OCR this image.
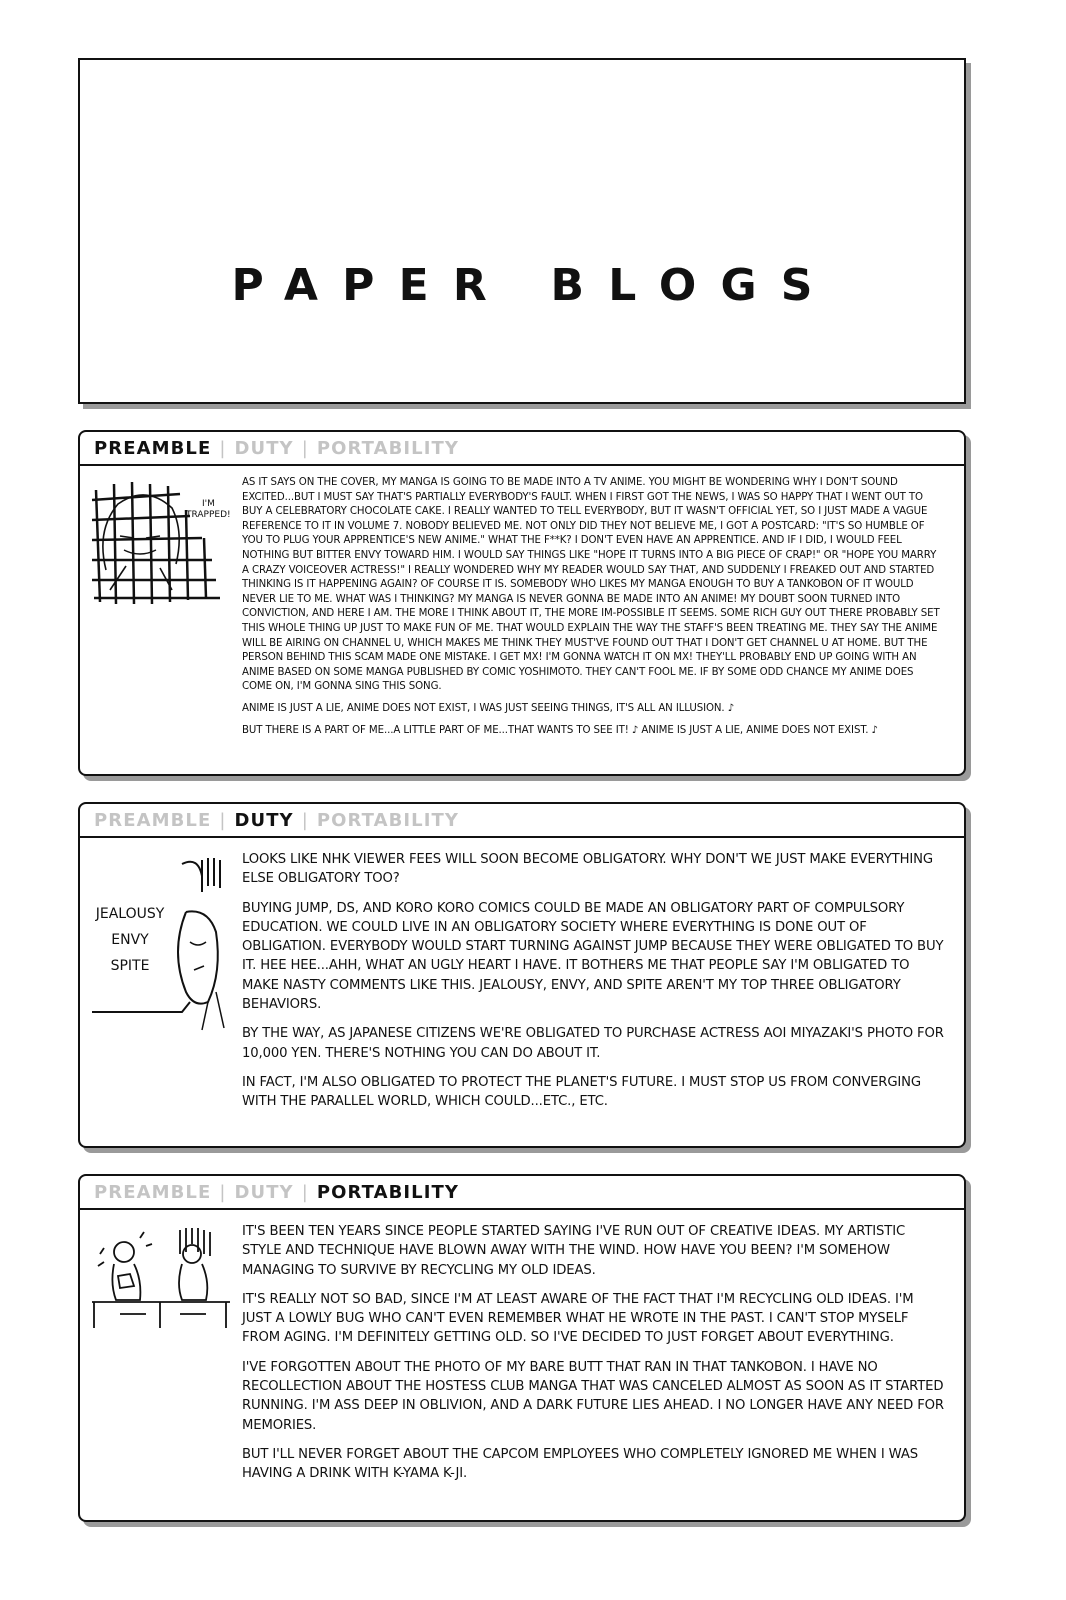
PAPER BLOGS
PREAMBLE | DUTY | PORTABILITY
I'M
TRAPPED!

AS IT SAYS ON THE COVER, MY MANGA IS GOING TO BE MADE INTO A TV ANIME. YOU MIGHT BE WONDERING WHY I DON'T SOUND EXCITED...BUT I MUST SAY THAT'S PARTIALLY EVERYBODY'S FAULT. WHEN I FIRST GOT THE NEWS, I WAS SO HAPPY THAT I WENT OUT TO BUY A CELEBRATORY CHOCOLATE CAKE. I REALLY WANTED TO TELL EVERYBODY, BUT IT WASN'T OFFICIAL YET, SO I JUST MADE A VAGUE REFERENCE TO IT IN VOLUME 7. NOBODY BELIEVED ME. NOT ONLY DID THEY NOT BELIEVE ME, I GOT A POSTCARD: "IT'S SO HUMBLE OF YOU TO PLUG YOUR APPRENTICE'S NEW ANIME." WHAT THE F**K? I DON'T EVEN HAVE AN APPRENTICE. AND IF I DID, I WOULD FEEL NOTHING BUT BITTER ENVY TOWARD HIM. I WOULD SAY THINGS LIKE "HOPE IT TURNS INTO A BIG PIECE OF CRAP!" OR "HOPE YOU MARRY A CRAZY VOICEOVER ACTRESS!" I REALLY WONDERED WHY MY READER WOULD SAY THAT, AND SUDDENLY I FREAKED OUT AND STARTED THINKING IS IT HAPPENING AGAIN? OF COURSE IT IS. SOMEBODY WHO LIKES MY MANGA ENOUGH TO BUY A TANKOBON OF IT WOULD NEVER LIE TO ME. WHAT WAS I THINKING? MY MANGA IS NEVER GONNA BE MADE INTO AN ANIME! MY DOUBT SOON TURNED INTO CONVICTION, AND HERE I AM. THE MORE I THINK ABOUT IT, THE MORE IM-POSSIBLE IT SEEMS. SOME RICH GUY OUT THERE PROBABLY SET THIS WHOLE THING UP JUST TO MAKE FUN OF ME. THAT WOULD EXPLAIN THE WAY THE STAFF'S BEEN TREATING ME. THEY SAY THE ANIME WILL BE AIRING ON CHANNEL U, WHICH MAKES ME THINK THEY MUST'VE FOUND OUT THAT I DON'T GET CHANNEL U AT HOME. BUT THE PERSON BEHIND THIS SCAM MADE ONE MISTAKE. I GET MX! I'M GONNA WATCH IT ON MX! THEY'LL PROBABLY END UP GOING WITH AN ANIME BASED ON SOME MANGA PUBLISHED BY COMIC YOSHIMOTO. THEY CAN'T FOOL ME. IF BY SOME ODD CHANCE MY ANIME DOES COME ON, I'M GONNA SING THIS SONG.

ANIME IS JUST A LIE, ANIME DOES NOT EXIST, I WAS JUST SEEING THINGS, IT'S ALL AN ILLUSION. ♪

BUT THERE IS A PART OF ME...A LITTLE PART OF ME...THAT WANTS TO SEE IT! ♪ ANIME IS JUST A LIE, ANIME DOES NOT EXIST. ♪

PREAMBLE | DUTY | PORTABILITY
JEALOUSY
ENVY
SPITE

LOOKS LIKE NHK VIEWER FEES WILL SOON BECOME OBLIGATORY. WHY DON'T WE JUST MAKE EVERYTHING ELSE OBLIGATORY TOO?

BUYING JUMP, DS, AND KORO KORO COMICS COULD BE MADE AN OBLIGATORY PART OF COMPULSORY EDUCATION. WE COULD LIVE IN AN OBLIGATORY SOCIETY WHERE EVERYTHING IS DONE OUT OF OBLIGATION. EVERYBODY WOULD START TURNING AGAINST JUMP BECAUSE THEY WERE OBLIGATED TO BUY IT. HEE HEE...AHH, WHAT AN UGLY HEART I HAVE. IT BOTHERS ME THAT PEOPLE SAY I'M OBLIGATED TO MAKE NASTY COMMENTS LIKE THIS. JEALOUSY, ENVY, AND SPITE AREN'T MY TOP THREE OBLIGATORY BEHAVIORS.

BY THE WAY, AS JAPANESE CITIZENS WE'RE OBLIGATED TO PURCHASE ACTRESS AOI MIYAZAKI'S PHOTO FOR 10,000 YEN. THERE'S NOTHING YOU CAN DO ABOUT IT.

IN FACT, I'M ALSO OBLIGATED TO PROTECT THE PLANET'S FUTURE. I MUST STOP US FROM CONVERGING WITH THE PARALLEL WORLD, WHICH COULD...ETC., ETC.

PREAMBLE | DUTY | PORTABILITY

IT'S BEEN TEN YEARS SINCE PEOPLE STARTED SAYING I'VE RUN OUT OF CREATIVE IDEAS. MY ARTISTIC STYLE AND TECHNIQUE HAVE BLOWN AWAY WITH THE WIND. HOW HAVE YOU BEEN? I'M SOMEHOW MANAGING TO SURVIVE BY RECYCLING MY OLD IDEAS.

IT'S REALLY NOT SO BAD, SINCE I'M AT LEAST AWARE OF THE FACT THAT I'M RECYCLING OLD IDEAS. I'M JUST A LOWLY BUG WHO CAN'T EVEN REMEMBER WHAT HE WROTE IN THE PAST. I CAN'T STOP MYSELF FROM AGING. I'M DEFINITELY GETTING OLD. SO I'VE DECIDED TO JUST FORGET ABOUT EVERYTHING.

I'VE FORGOTTEN ABOUT THE PHOTO OF MY BARE BUTT THAT RAN IN THAT TANKOBON. I HAVE NO RECOLLECTION ABOUT THE HOSTESS CLUB MANGA THAT WAS CANCELED ALMOST AS SOON AS IT STARTED RUNNING. I'M ASS DEEP IN OBLIVION, AND A DARK FUTURE LIES AHEAD. I NO LONGER HAVE ANY NEED FOR MEMORIES.

BUT I'LL NEVER FORGET ABOUT THE CAPCOM EMPLOYEES WHO COMPLETELY IGNORED ME WHEN I WAS HAVING A DRINK WITH K-YAMA K-JI.
